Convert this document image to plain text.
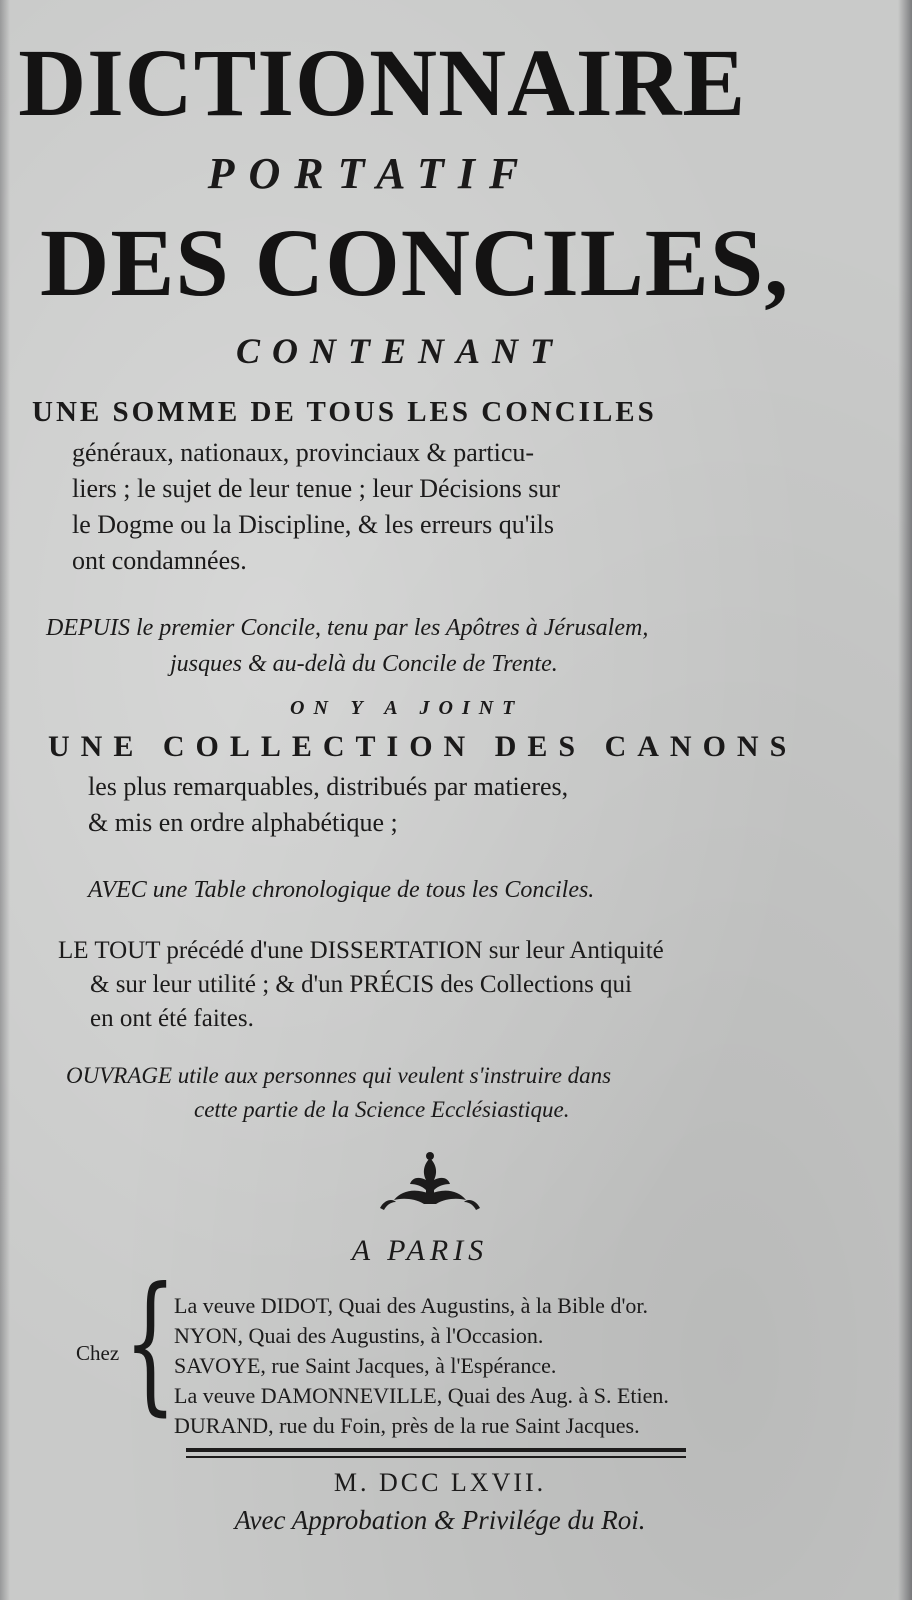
DICTIONNAIRE
PORTATIF
DES CONCILES,
CONTENANT
UNE SOMME DE TOUS LES CONCILES
généraux, nationaux, provinciaux & particu-
liers ; le sujet de leur tenue ; leur Décisions sur
le Dogme ou la Discipline, & les erreurs qu'ils
ont condamnées.
DEPUIS le premier Concile, tenu par les Apôtres à Jérusalem,
jusques & au-delà du Concile de Trente.
ON Y A JOINT
UNE COLLECTION DES CANONS
les plus remarquables, distribués par matieres,
& mis en ordre alphabétique ;
AVEC une Table chronologique de tous les Conciles.
LE TOUT précédé d'une DISSERTATION sur leur Antiquité
& sur leur utilité ; & d'un PRÉCIS des Collections qui
en ont été faites.
OUVRAGE utile aux personnes qui veulent s'instruire dans
cette partie de la Science Ecclésiastique.
A PARIS
Chez {
La veuve DIDOT, Quai des Augustins, à la Bible d'or.
NYON, Quai des Augustins, à l'Occasion.
SAVOYE, rue Saint Jacques, à l'Espérance.
La veuve DAMONNEVILLE, Quai des Aug. à S. Etien.
DURAND, rue du Foin, près de la rue Saint Jacques.
M. DCC LXVII.
Avec Approbation & Privilége du Roi.
